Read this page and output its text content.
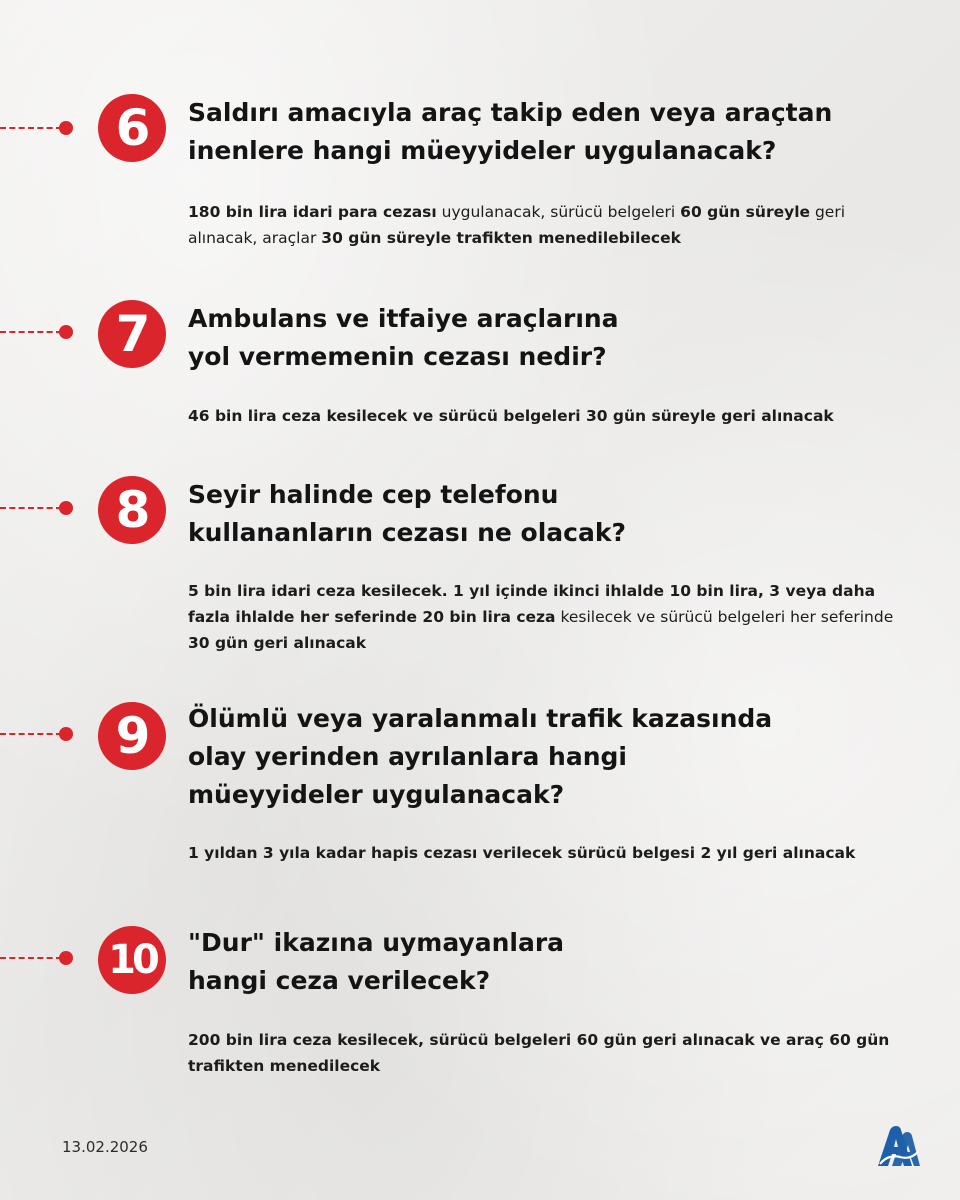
6	Saldırı amacıyla araç takip eden veya araçtan
inenlere hangi müeyyideler uygulanacak?
180 bin lira idari para cezası uygulanacak, sürücü belgeleri 60 gün süreyle geri alınacak, araçlar 30 gün süreyle trafikten menedilebilecek
7	Ambulans ve itfaiye araçlarına
yol vermemenin cezası nedir?
46 bin lira ceza kesilecek ve sürücü belgeleri 30 gün süreyle geri alınacak
8	Seyir halinde cep telefonu
kullananların cezası ne olacak?
5 bin lira idari ceza kesilecek. 1 yıl içinde ikinci ihlalde 10 bin lira, 3 veya daha fazla ihlalde her seferinde 20 bin lira ceza kesilecek ve sürücü belgeleri her seferinde 30 gün geri alınacak
9	Ölümlü veya yaralanmalı trafik kazasında
olay yerinden ayrılanlara hangi
müeyyideler uygulanacak?
1 yıldan 3 yıla kadar hapis cezası verilecek sürücü belgesi 2 yıl geri alınacak
10	"Dur" ikazına uymayanlara
hangi ceza verilecek?
200 bin lira ceza kesilecek, sürücü belgeleri 60 gün geri alınacak ve araç 60 gün trafikten menedilecek
13.02.2026
